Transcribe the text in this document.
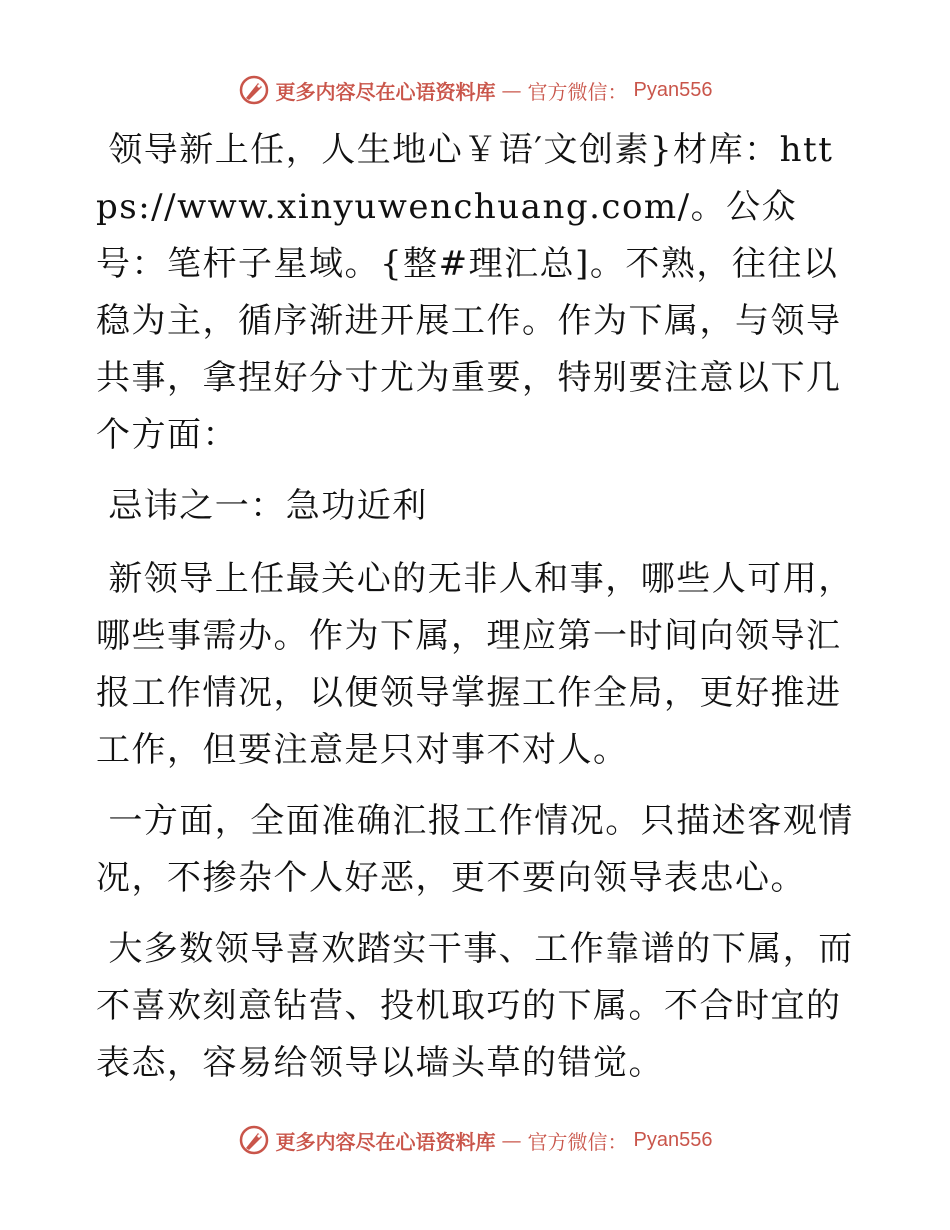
更多内容尽在心语资料库 — 官方微信： Pyan556

领导新上任，人生地心￥语′文创素}材库：https://www.xinyuwenchuang.com/。公众号：笔杆子星域。{整#理汇总]。不熟，往往以稳为主，循序渐进开展工作。作为下属，与领导共事，拿捏好分寸尤为重要，特别要注意以下几个方面：

忌讳之一：急功近利

新领导上任最关心的无非人和事，哪些人可用，哪些事需办。作为下属，理应第一时间向领导汇报工作情况，以便领导掌握工作全局，更好推进工作，但要注意是只对事不对人。

一方面，全面准确汇报工作情况。只描述客观情况，不掺杂个人好恶，更不要向领导表忠心。

大多数领导喜欢踏实干事、工作靠谱的下属，而不喜欢刻意钻营、投机取巧的下属。不合时宜的表态，容易给领导以墙头草的错觉。

更多内容尽在心语资料库 — 官方微信： Pyan556
